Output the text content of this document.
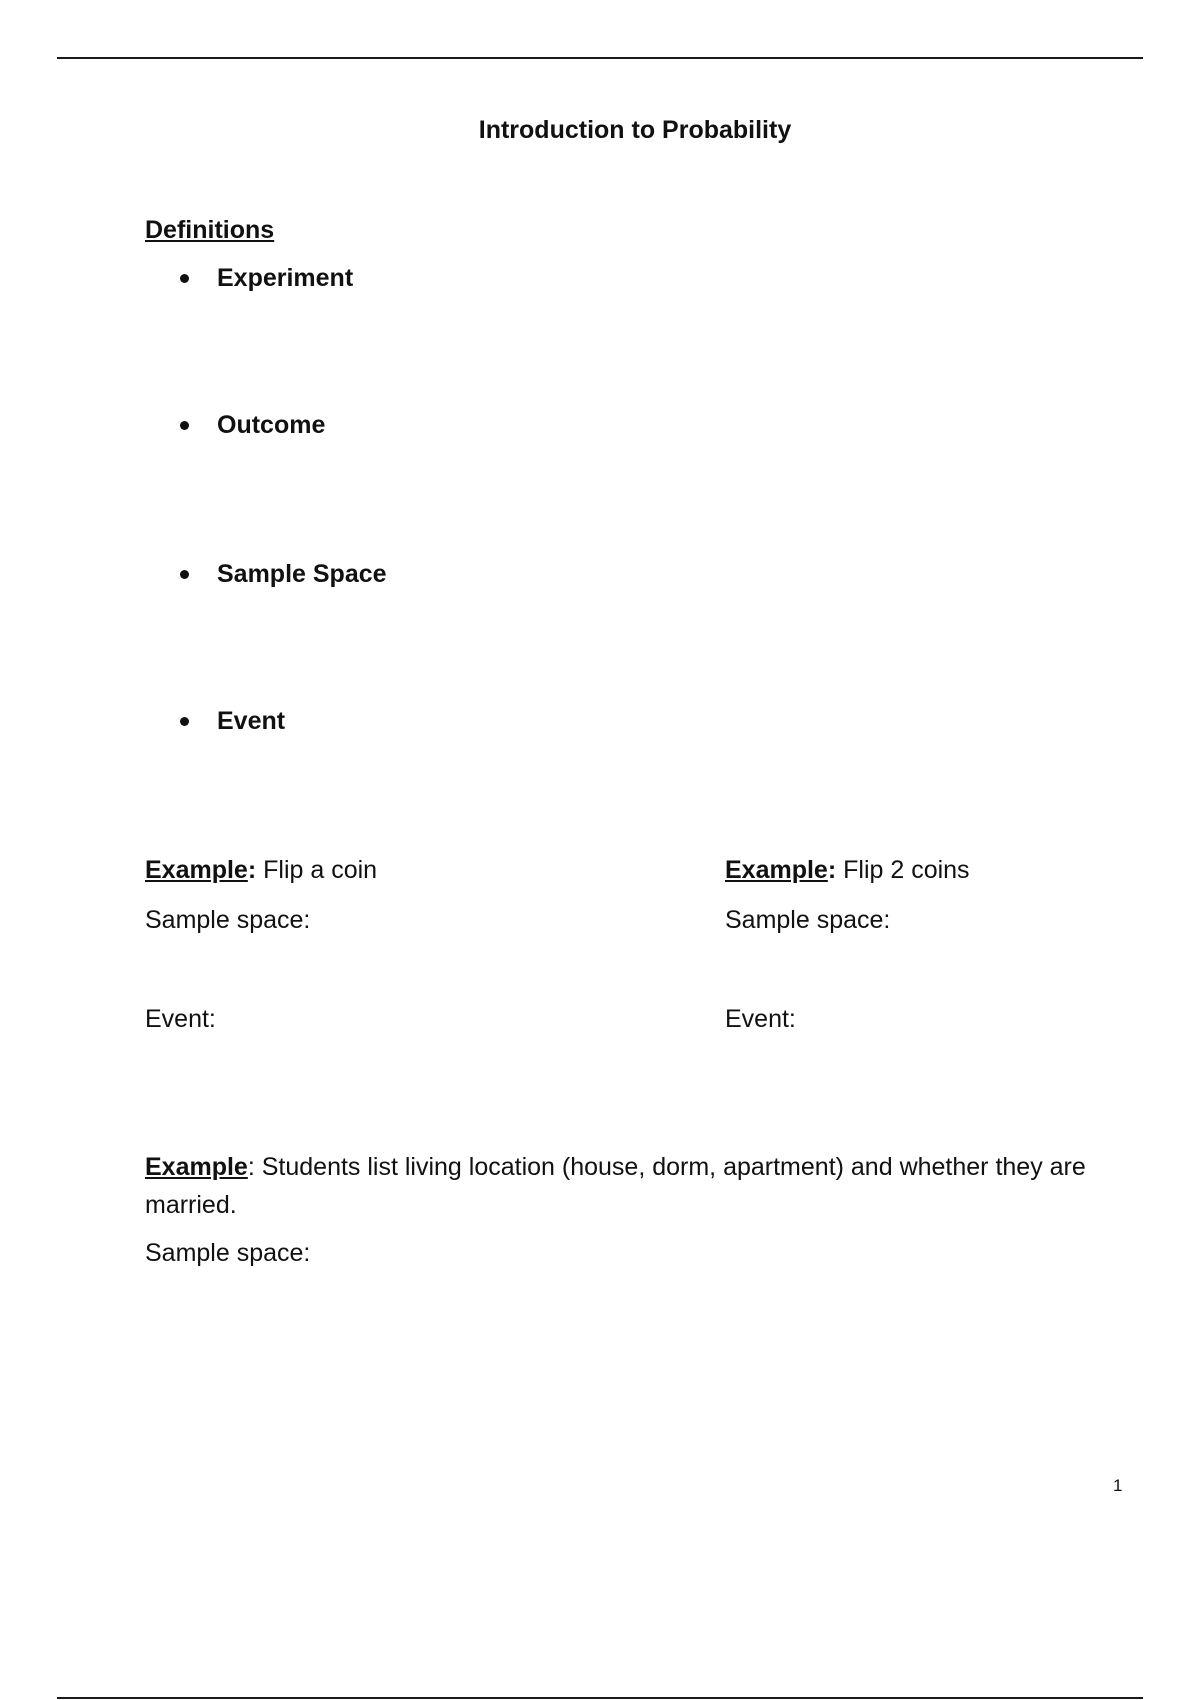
Introduction to Probability
Definitions
Experiment
Outcome
Sample Space
Event
Example: Flip a coin
Sample space:
Event:
Example: Flip 2 coins
Sample space:
Event:
Example: Students list living location (house, dorm, apartment) and whether they are married.
Sample space:
1
